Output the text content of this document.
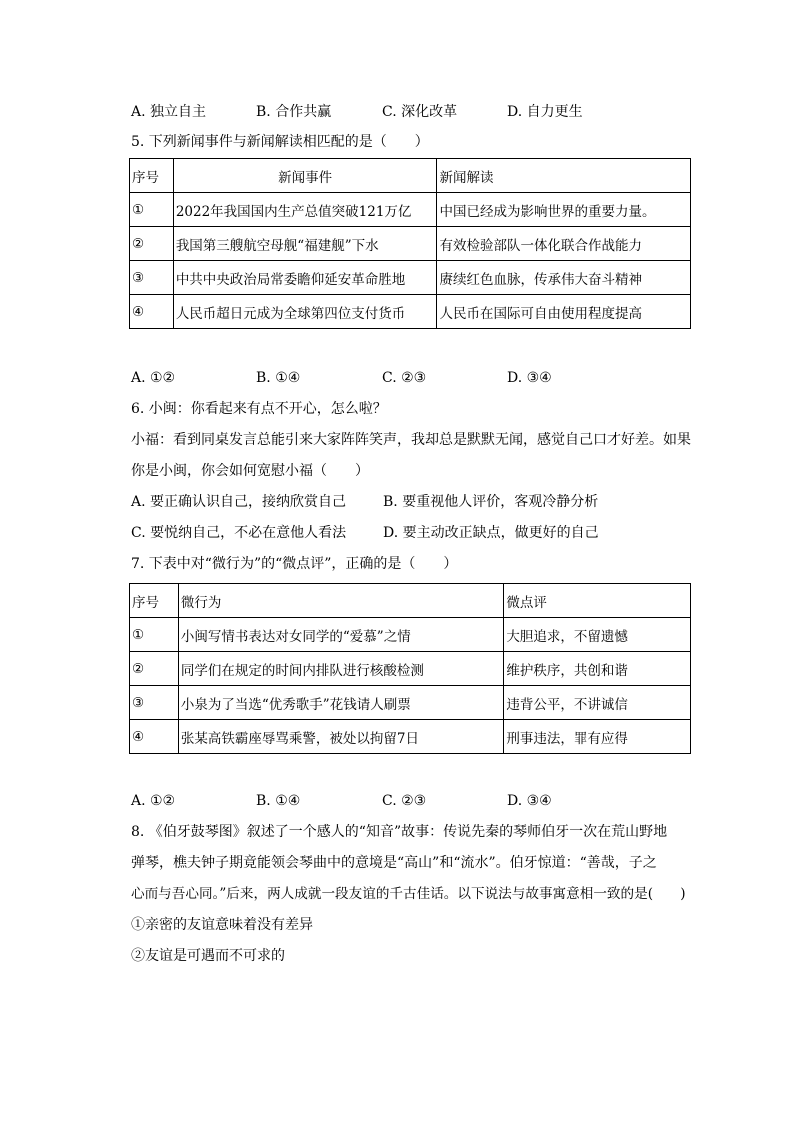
A. 独立自主	B. 合作共赢	C. 深化改革	D. 自力更生
5. 下列新闻事件与新闻解读相匹配的是（　　）
序号	新闻事件	新闻解读
①	2022年我国国内生产总值突破121万亿	中国已经成为影响世界的重要力量。
②	我国第三艘航空母舰“福建舰”下水	有效检验部队一体化联合作战能力
③	中共中央政治局常委瞻仰延安革命胜地	赓续红色血脉，传承伟大奋斗精神
④	人民币超日元成为全球第四位支付货币	人民币在国际可自由使用程度提高
A. ①②	B. ①④	C. ②③	D. ③④
6. 小闽：你看起来有点不开心，怎么啦？
小福：看到同桌发言总能引来大家阵阵笑声，我却总是默默无闻，感觉自己口才好差。如果
你是小闽，你会如何宽慰小福（　　）
A. 要正确认识自己，接纳欣赏自己	B. 要重视他人评价，客观冷静分析
C. 要悦纳自己，不必在意他人看法	D. 要主动改正缺点，做更好的自己
7. 下表中对“微行为”的“微点评”，正确的是（　　）
序号	微行为	微点评
①	小闽写情书表达对女同学的“爱慕”之情	大胆追求，不留遗憾
②	同学们在规定的时间内排队进行核酸检测	维护秩序，共创和谐
③	小泉为了当选“优秀歌手”花钱请人刷票	违背公平，不讲诚信
④	张某高铁霸座辱骂乘警，被处以拘留7日	刑事违法，罪有应得
A. ①②	B. ①④	C. ②③	D. ③④
8. 《伯牙鼓琴图》叙述了一个感人的“知音”故事：传说先秦的琴师伯牙一次在荒山野地
弹琴，樵夫钟子期竟能领会琴曲中的意境是“高山”和“流水”。伯牙惊道：“善哉，子之
心而与吾心同。”后来，两人成就一段友谊的千古佳话。以下说法与故事寓意相一致的是(　　)
①亲密的友谊意味着没有差异
②友谊是可遇而不可求的
